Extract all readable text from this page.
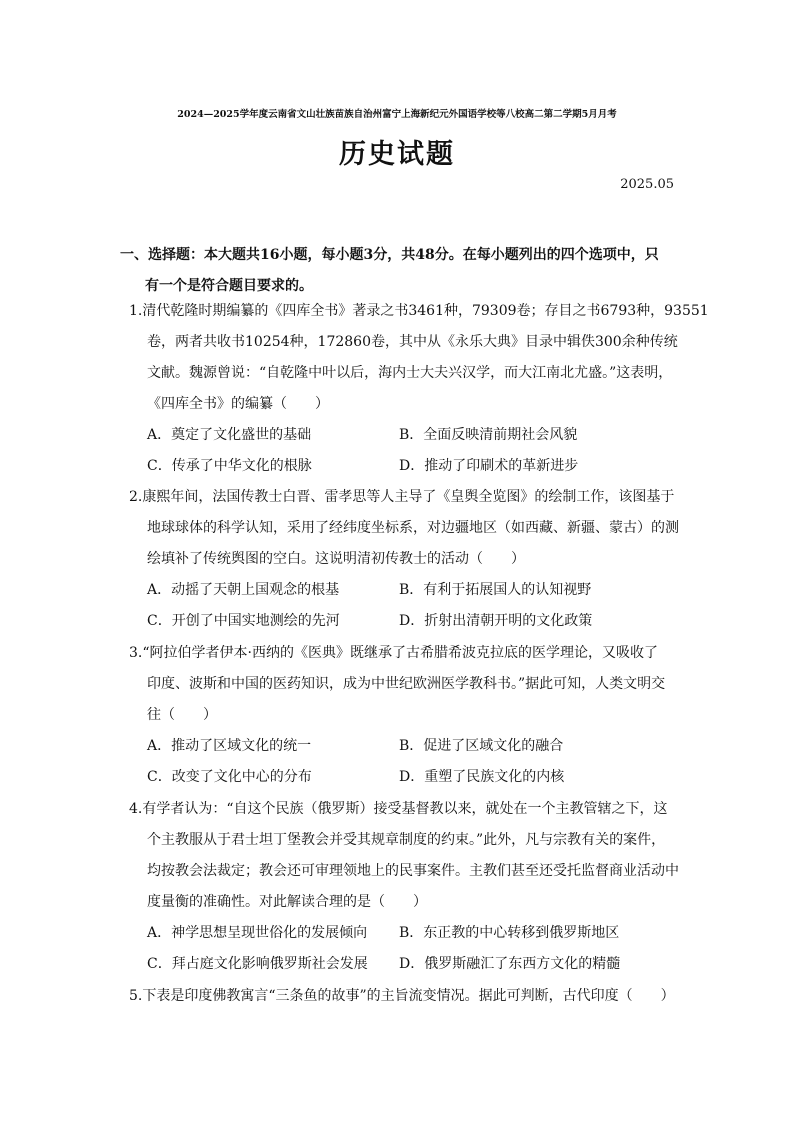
2024—2025学年度云南省文山壮族苗族自治州富宁上海新纪元外国语学校等八校高二第二学期5月月考
历史试题
2025.05
一、选择题：本大题共16小题，每小题3分，共48分。在每小题列出的四个选项中，只
有一个是符合题目要求的。
1.清代乾隆时期编纂的《四库全书》著录之书3461种，79309卷；存目之书6793种，93551
卷，两者共收书10254种，172860卷，其中从《永乐大典》目录中辑佚300余种传统
文献。魏源曾说：“自乾隆中叶以后，海内士大夫兴汉学，而大江南北尤盛。”这表明，
《四库全书》的编纂（　　）
A．奠定了文化盛世的基础	B．全面反映清前期社会风貌
C．传承了中华文化的根脉	D．推动了印刷术的革新进步
2.康熙年间，法国传教士白晋、雷孝思等人主导了《皇舆全览图》的绘制工作，该图基于
地球球体的科学认知，采用了经纬度坐标系，对边疆地区（如西藏、新疆、蒙古）的测
绘填补了传统舆图的空白。这说明清初传教士的活动（　　）
A．动摇了天朝上国观念的根基	B．有利于拓展国人的认知视野
C．开创了中国实地测绘的先河	D．折射出清朝开明的文化政策
3.“阿拉伯学者伊本·西纳的《医典》既继承了古希腊希波克拉底的医学理论，又吸收了
印度、波斯和中国的医药知识，成为中世纪欧洲医学教科书。”据此可知，人类文明交
往（　　）
A．推动了区域文化的统一	B．促进了区域文化的融合
C．改变了文化中心的分布	D．重塑了民族文化的内核
4.有学者认为：“自这个民族（俄罗斯）接受基督教以来，就处在一个主教管辖之下，这
个主教服从于君士坦丁堡教会并受其规章制度的约束。”此外，凡与宗教有关的案件，
均按教会法裁定；教会还可审理领地上的民事案件。主教们甚至还受托监督商业活动中
度量衡的准确性。对此解读合理的是（　　）
A．神学思想呈现世俗化的发展倾向	B．东正教的中心转移到俄罗斯地区
C．拜占庭文化影响俄罗斯社会发展	D．俄罗斯融汇了东西方文化的精髓
5.下表是印度佛教寓言“三条鱼的故事”的主旨流变情况。据此可判断，古代印度（　　）
